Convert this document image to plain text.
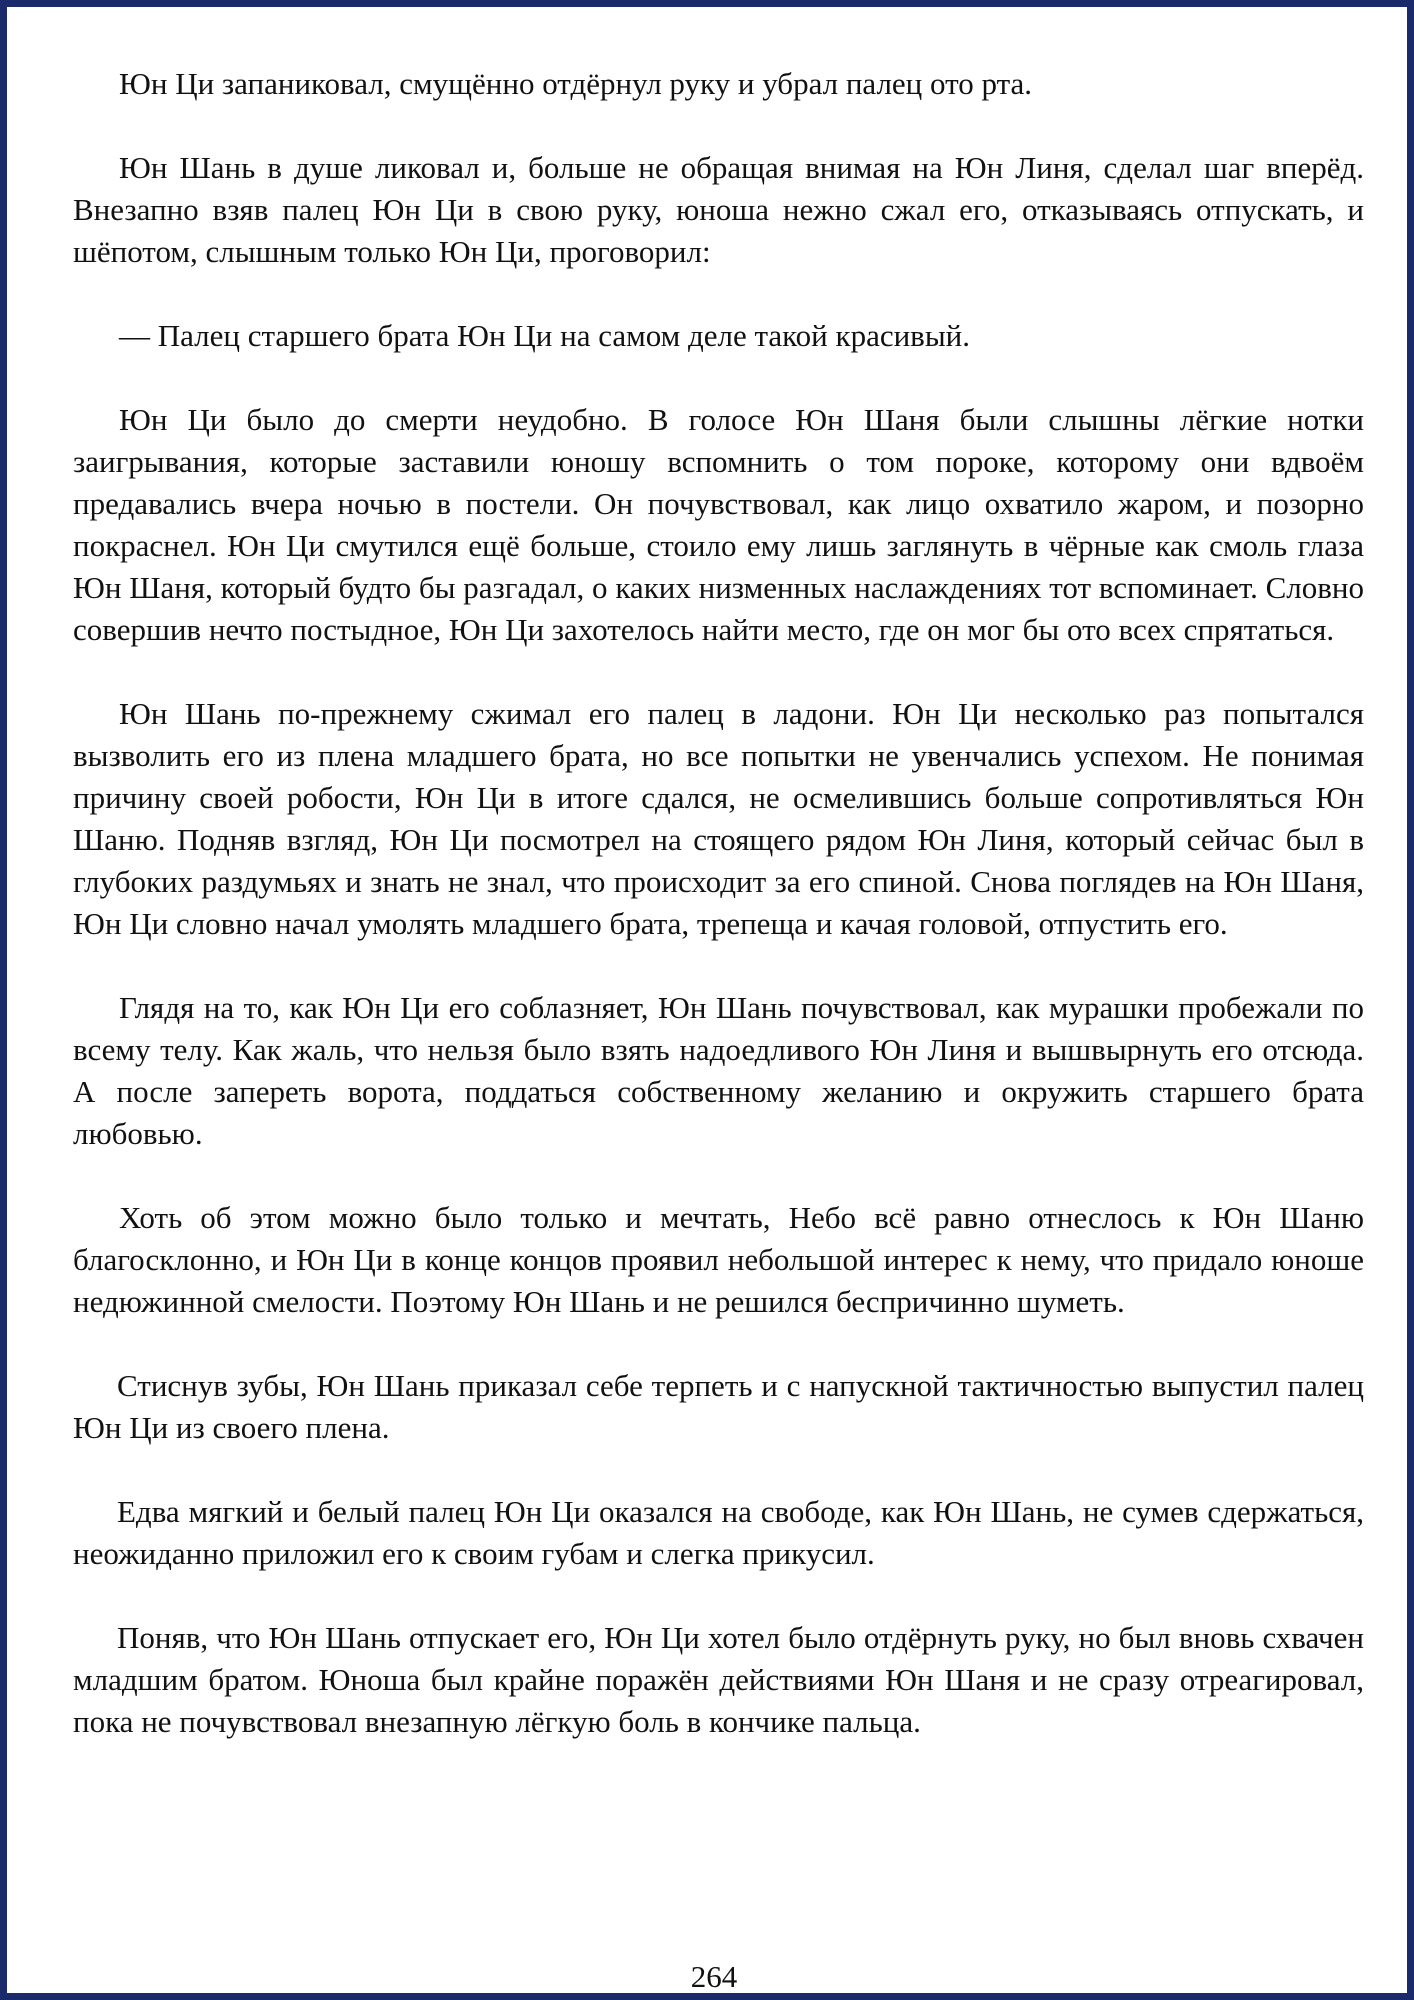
Юн Ци запаниковал, смущённо отдёрнул руку и убрал палец ото рта.

Юн Шань в душе ликовал и, больше не обращая внимая на Юн Линя, сделал шаг вперёд. Внезапно взяв палец Юн Ци в свою руку, юноша нежно сжал его, отказываясь отпускать, и шёпотом, слышным только Юн Ци, проговорил:

— Палец старшего брата Юн Ци на самом деле такой красивый.

Юн Ци было до смерти неудобно. В голосе Юн Шаня были слышны лёгкие нотки заигрывания, которые заставили юношу вспомнить о том пороке, которому они вдвоём предавались вчера ночью в постели. Он почувствовал, как лицо охватило жаром, и позорно покраснел. Юн Ци смутился ещё больше, стоило ему лишь заглянуть в чёрные как смоль глаза Юн Шаня, который будто бы разгадал, о каких низменных наслаждениях тот вспоминает. Словно совершив нечто постыдное, Юн Ци захотелось найти место, где он мог бы ото всех спрятаться.

Юн Шань по-прежнему сжимал его палец в ладони. Юн Ци несколько раз попытался вызволить его из плена младшего брата, но все попытки не увенчались успехом. Не понимая причину своей робости, Юн Ци в итоге сдался, не осмелившись больше сопротивляться Юн Шаню. Подняв взгляд, Юн Ци посмотрел на стоящего рядом Юн Линя, который сейчас был в глубоких раздумьях и знать не знал, что происходит за его спиной. Снова поглядев на Юн Шаня, Юн Ци словно начал умолять младшего брата, трепеща и качая головой, отпустить его.

Глядя на то, как Юн Ци его соблазняет, Юн Шань почувствовал, как мурашки пробежали по всему телу. Как жаль, что нельзя было взять надоедливого Юн Линя и вышвырнуть его отсюда. А после запереть ворота, поддаться собственному желанию и окружить старшего брата любовью.

Хоть об этом можно было только и мечтать, Небо всё равно отнеслось к Юн Шаню благосклонно, и Юн Ци в конце концов проявил небольшой интерес к нему, что придало юноше недюжинной смелости. Поэтому Юн Шань и не решился беспричинно шуметь.

Стиснув зубы, Юн Шань приказал себе терпеть и с напускной тактичностью выпустил палец Юн Ци из своего плена.

Едва мягкий и белый палец Юн Ци оказался на свободе, как Юн Шань, не сумев сдержаться, неожиданно приложил его к своим губам и слегка прикусил.

Поняв, что Юн Шань отпускает его, Юн Ци хотел было отдёрнуть руку, но был вновь схвачен младшим братом. Юноша был крайне поражён действиями Юн Шаня и не сразу отреагировал, пока не почувствовал внезапную лёгкую боль в кончике пальца.

264
